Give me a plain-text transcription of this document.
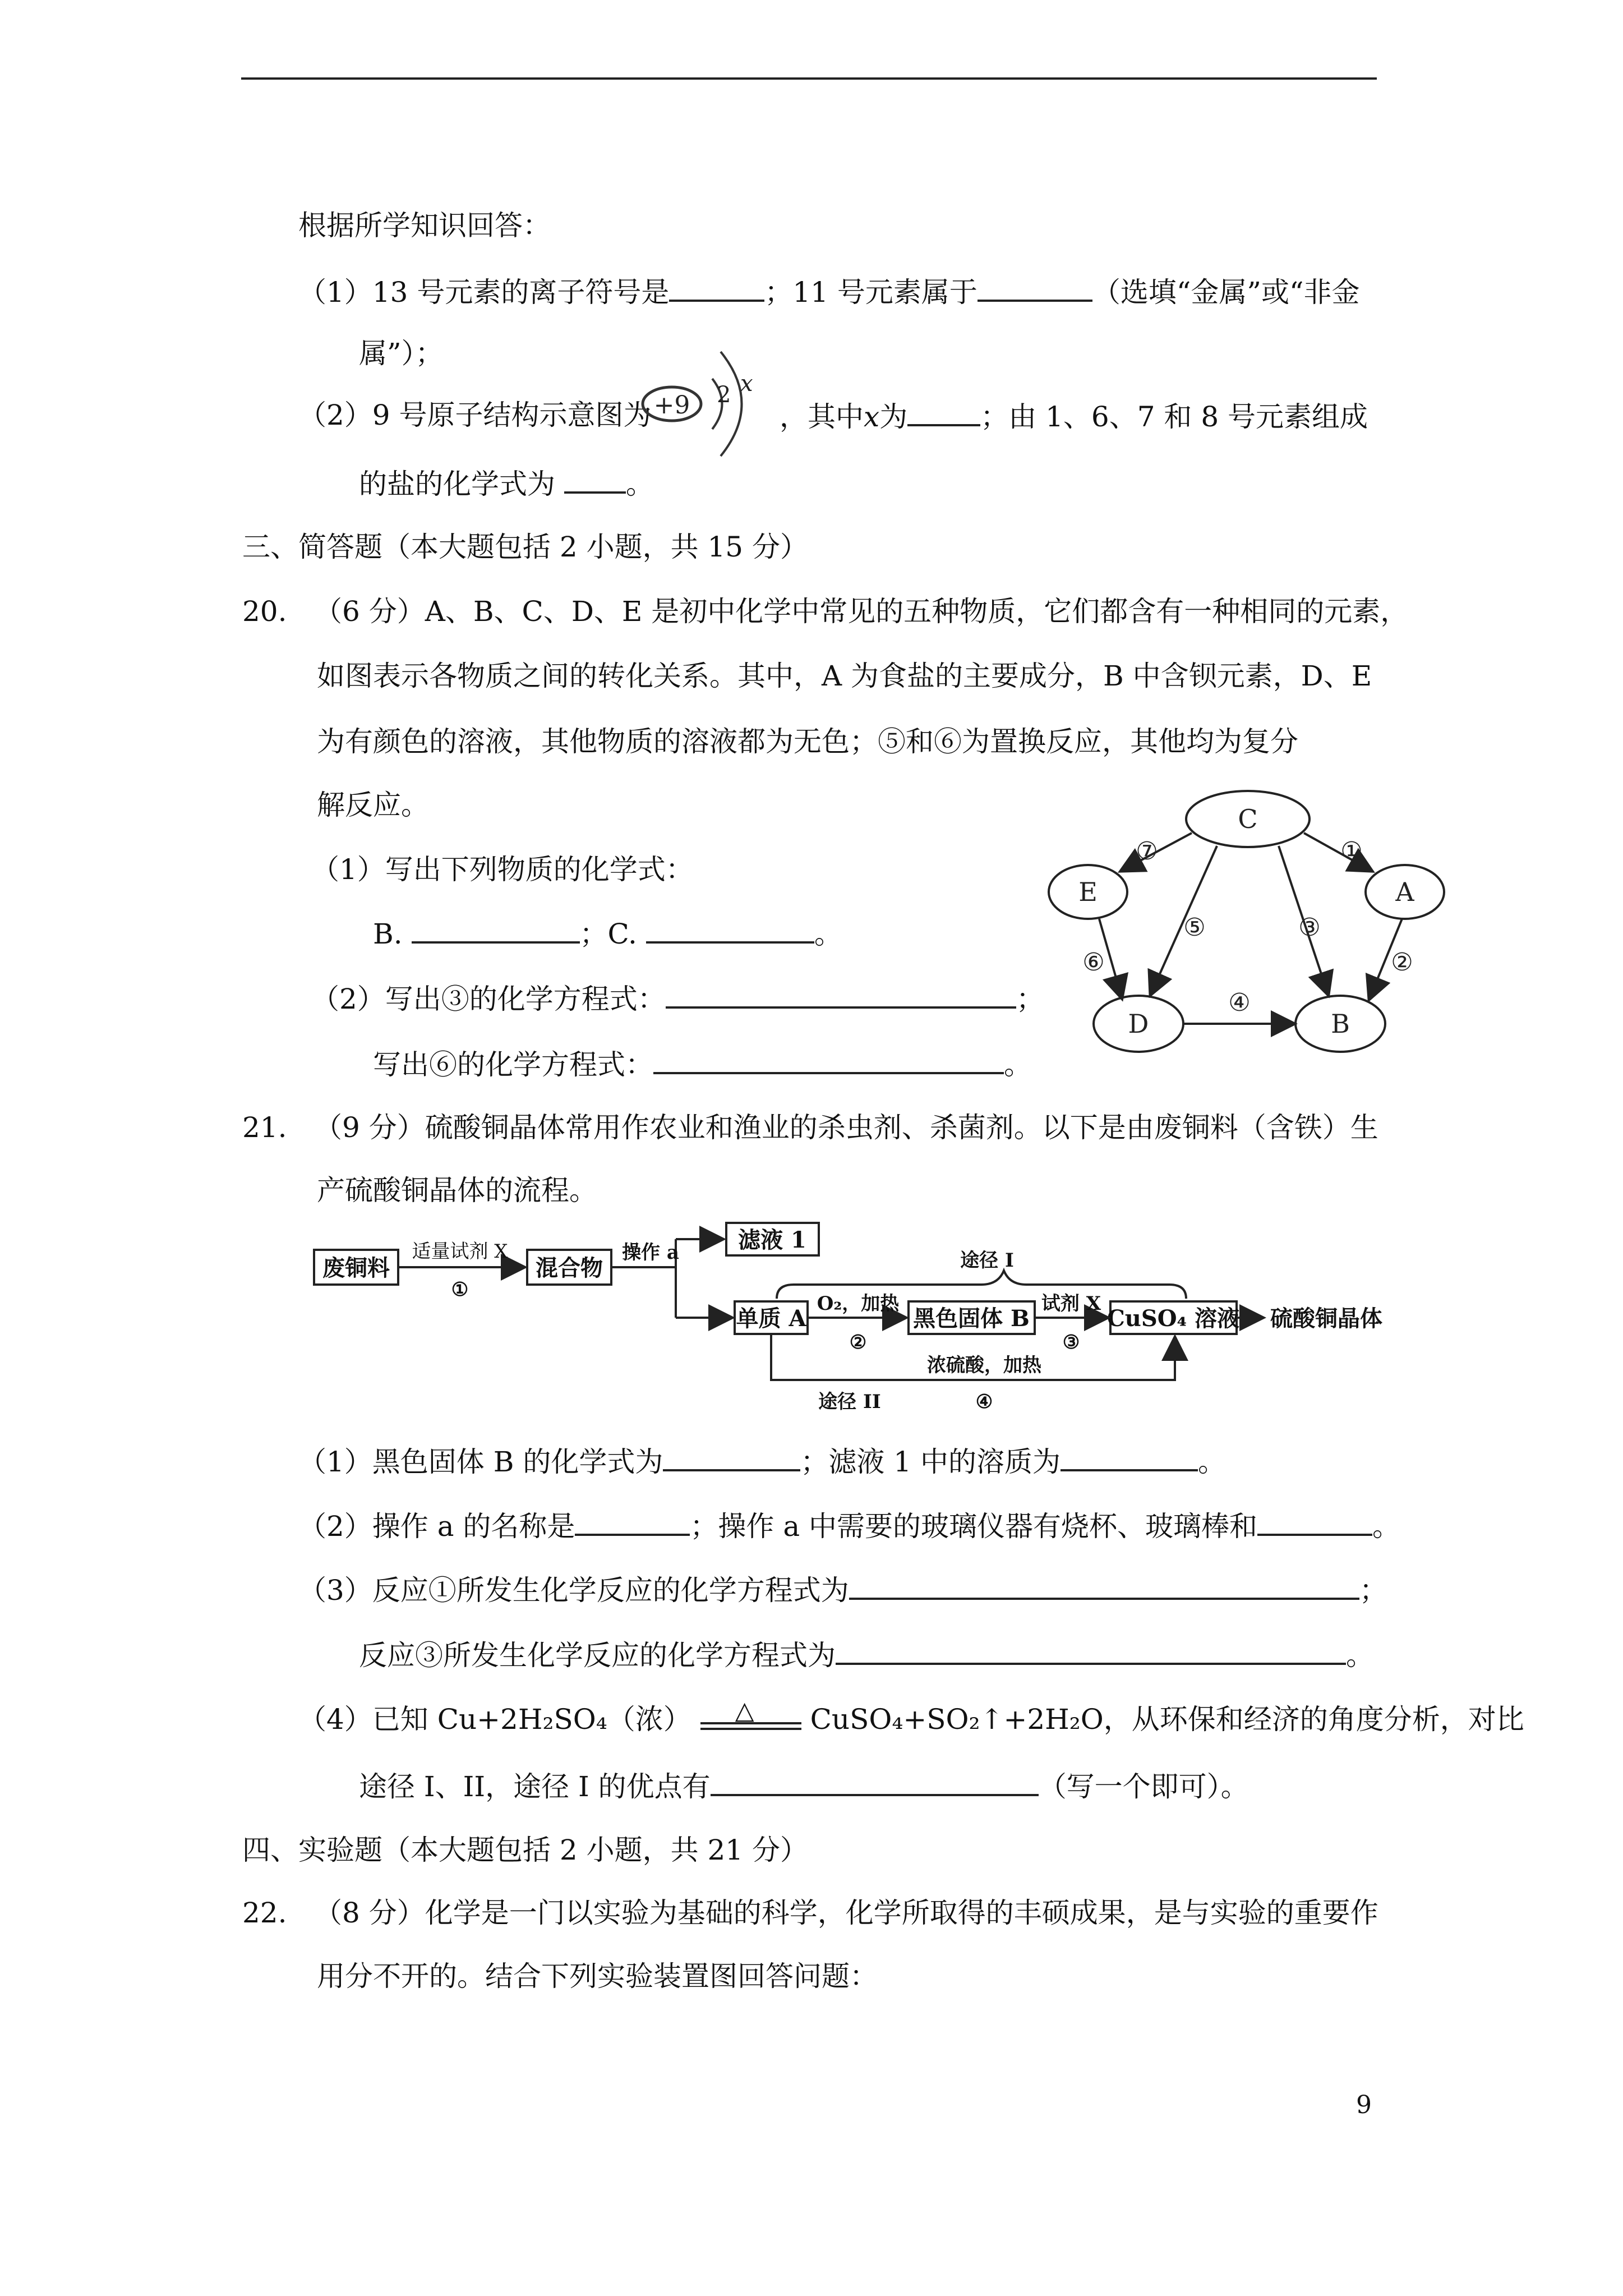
根据所学知识回答：
（1）13 号元素的离子符号是	；11 号元素属于	（选填“金属”或“非金
属”）；
（2）9 号原子结构示意图为 +9 2 x
，其中x为	；由 1、6、7 和 8 号元素组成
的盐的化学式为	。
三、简答题（本大题包括 2 小题，共 15 分）
20. （6 分）A、B、C、D、E 是初中化学中常见的五种物质，它们都含有一种相同的元素，
如图表示各物质之间的转化关系。其中，A 为食盐的主要成分，B 中含钡元素，D、E
为有颜色的溶液，其他物质的溶液都为无色；⑤和⑥为置换反应，其他均为复分
解反应。
（1）写出下列物质的化学式：
B.	；C.	。
（2）写出③的化学方程式：	；
写出⑥的化学方程式：	。
C
E	A
D	B
⑦	①
⑤	③
⑥	②
④
21. （9 分）硫酸铜晶体常用作农业和渔业的杀虫剂、杀菌剂。以下是由废铜料（含铁）生
产硫酸铜晶体的流程。
废铜料	混合物
滤液 1
单质 A	黑色固体 B	CuSO₄ 溶液 硫酸铜晶体
适量试剂 X
①
操作 a	途径 I
O₂，加热
②
试剂 X
③
浓硫酸，加热
途径 II	④
（1）黑色固体 B 的化学式为	；滤液 1 中的溶质为	。
（2）操作 a 的名称是	；操作 a 中需要的玻璃仪器有烧杯、玻璃棒和	。
（3）反应①所发生化学反应的化学方程式为	；
反应③所发生化学反应的化学方程式为	。
（4）已知 Cu+2H₂SO₄（浓） △ CuSO₄+SO₂↑+2H₂O，从环保和经济的角度分析，对比
途径 I、II，途径 I 的优点有	（写一个即可）。
四、实验题（本大题包括 2 小题，共 21 分）
22. （8 分）化学是一门以实验为基础的科学，化学所取得的丰硕成果，是与实验的重要作
用分不开的。结合下列实验装置图回答问题：
9
